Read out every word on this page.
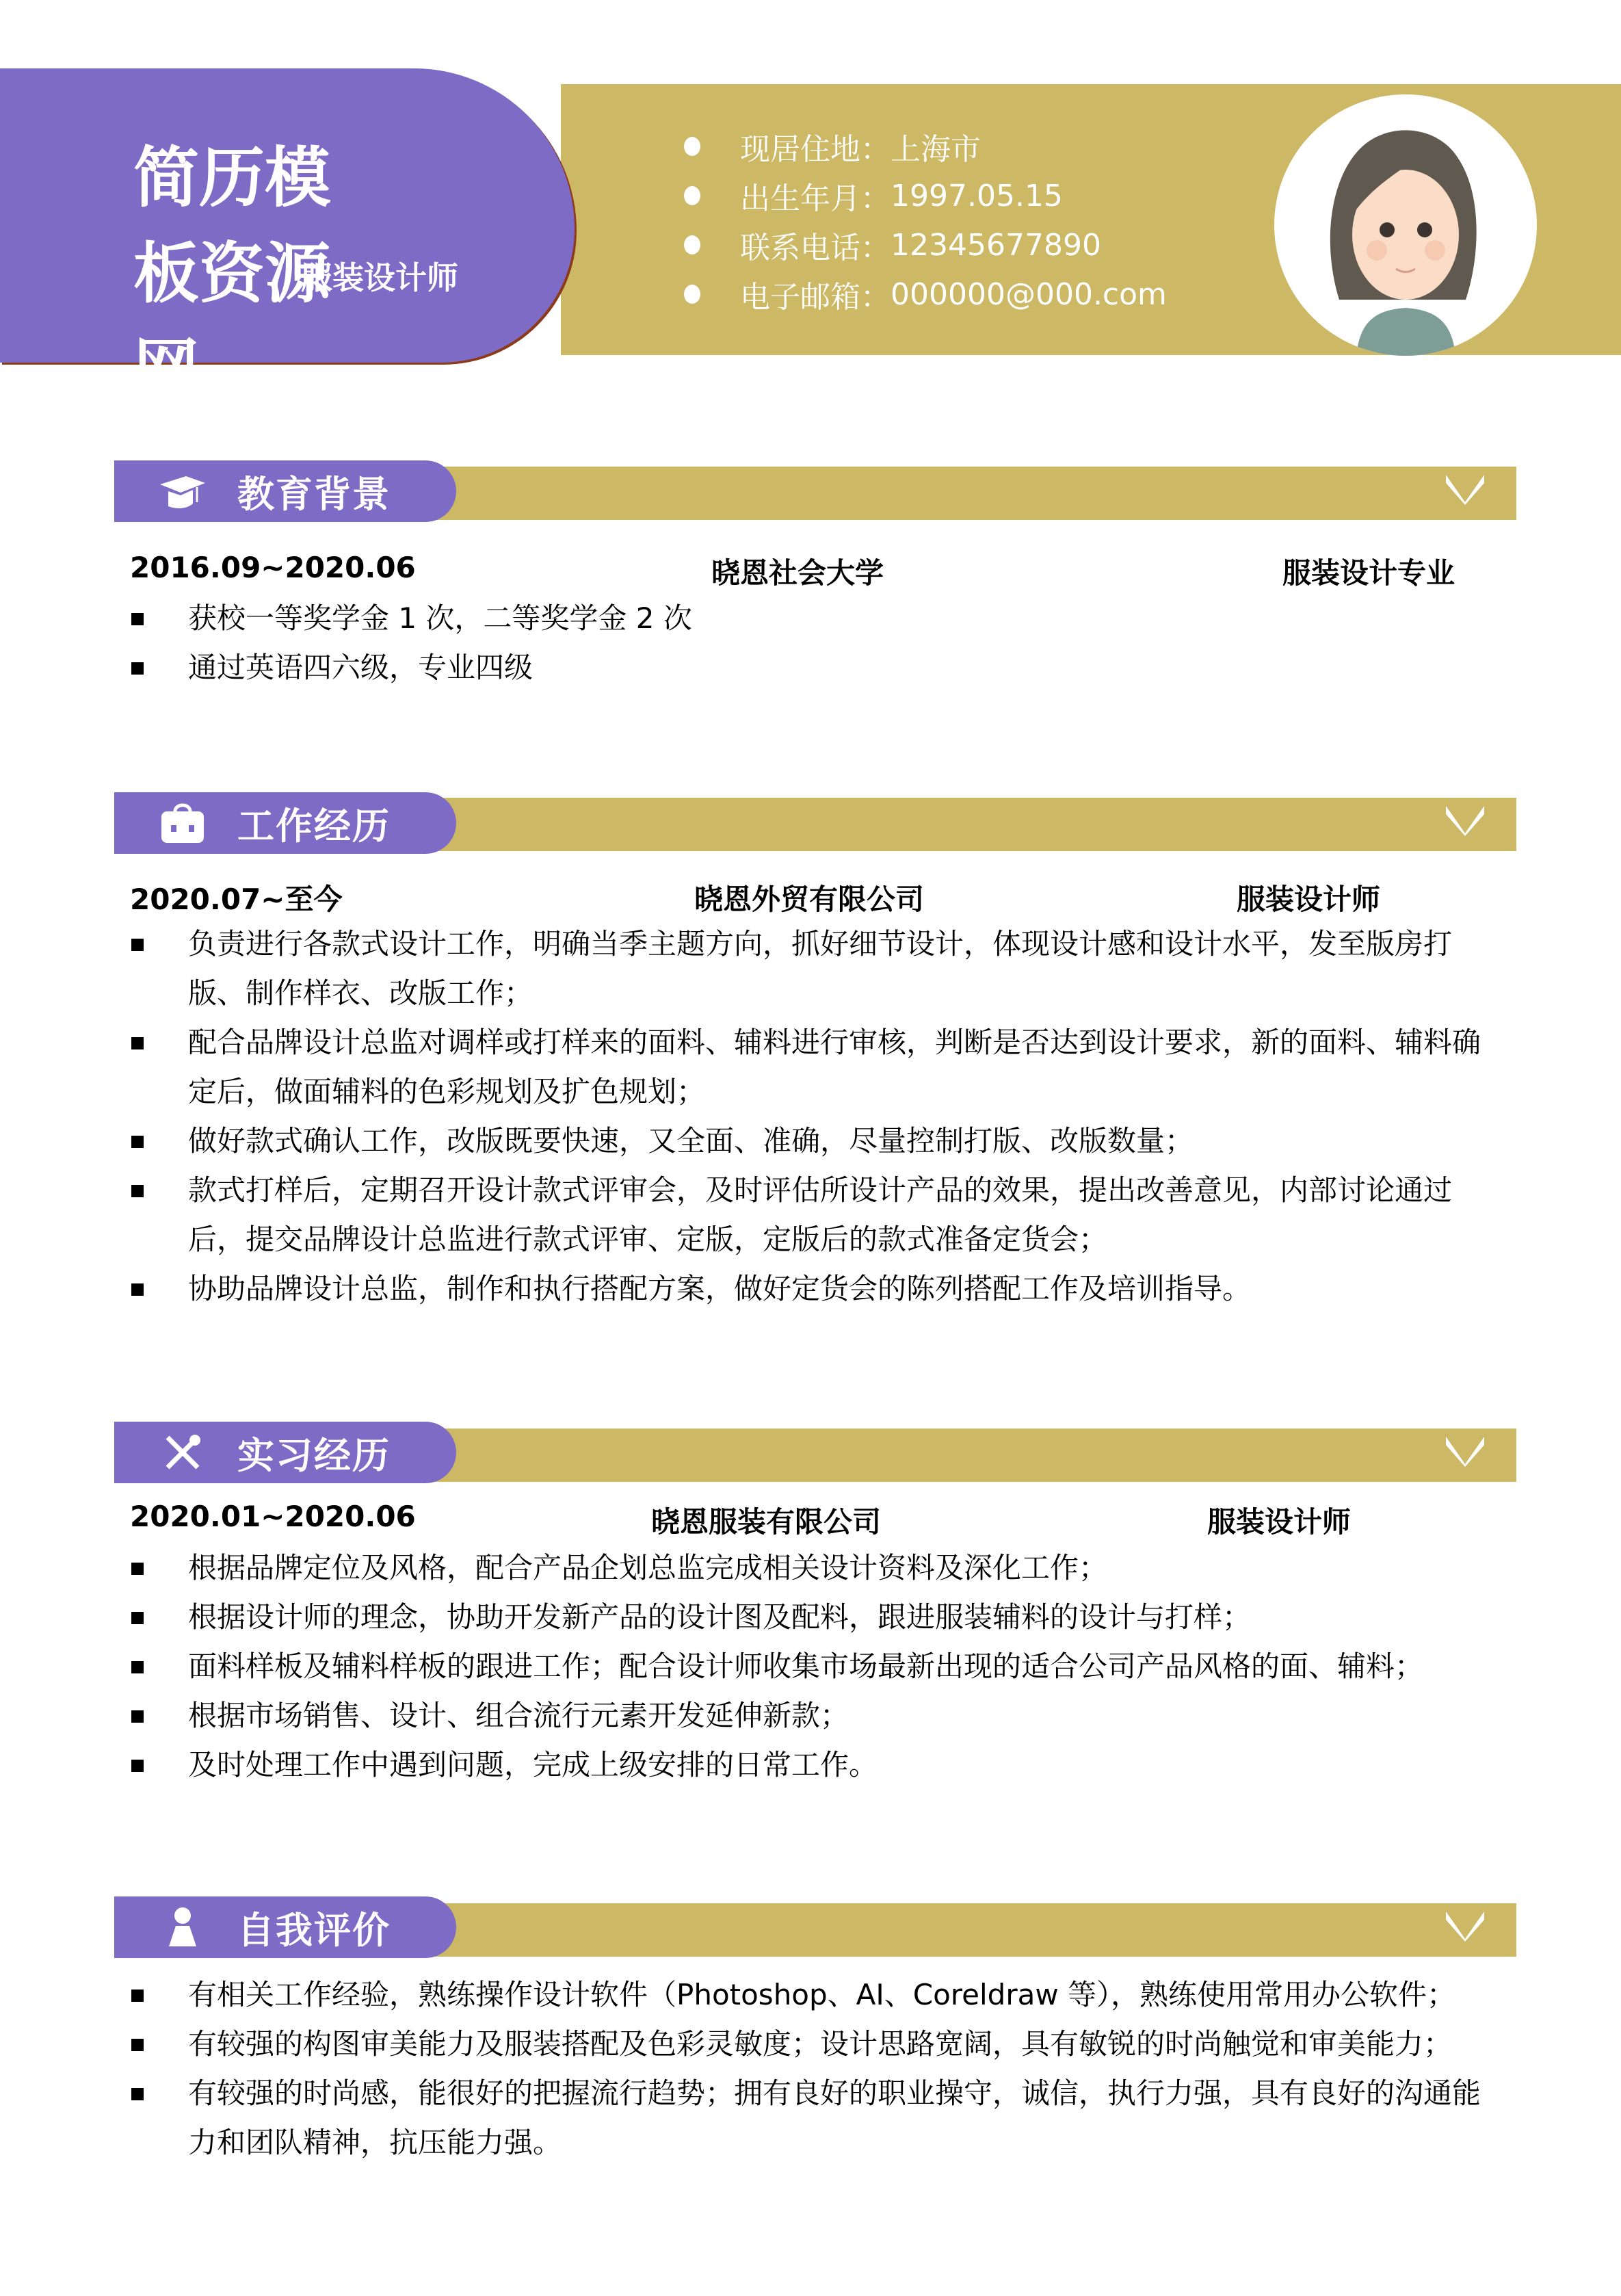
简历模板资源网
服装设计师
现居住地： 上海市
出生年月： 1997.05.15
联系电话： 12345677890
电子邮箱： 000000@000.com
教育背景
2016.09~2020.06	晓恩社会大学	服装设计专业
获校一等奖学金 1 次，二等奖学金 2 次
通过英语四六级，专业四级
工作经历
2020.07~至今	晓恩外贸有限公司	服装设计师
负责进行各款式设计工作，明确当季主题方向，抓好细节设计，体现设计感和设计水平，发至版房打版、制作样衣、改版工作；
配合品牌设计总监对调样或打样来的面料、辅料进行审核，判断是否达到设计要求，新的面料、辅料确定后，做面辅料的色彩规划及扩色规划；
做好款式确认工作，改版既要快速，又全面、准确，尽量控制打版、改版数量；
款式打样后，定期召开设计款式评审会，及时评估所设计产品的效果，提出改善意见，内部讨论通过后，提交品牌设计总监进行款式评审、定版，定版后的款式准备定货会；
协助品牌设计总监，制作和执行搭配方案，做好定货会的陈列搭配工作及培训指导。
实习经历
2020.01~2020.06	晓恩服装有限公司	服装设计师
根据品牌定位及风格，配合产品企划总监完成相关设计资料及深化工作；
根据设计师的理念，协助开发新产品的设计图及配料，跟进服装辅料的设计与打样；
面料样板及辅料样板的跟进工作；配合设计师收集市场最新出现的适合公司产品风格的面、辅料；
根据市场销售、设计、组合流行元素开发延伸新款；
及时处理工作中遇到问题，完成上级安排的日常工作。
自我评价
有相关工作经验，熟练操作设计软件（Photoshop、AI、Coreldraw 等），熟练使用常用办公软件；
有较强的构图审美能力及服装搭配及色彩灵敏度；设计思路宽阔，具有敏锐的时尚触觉和审美能力；
有较强的时尚感，能很好的把握流行趋势；拥有良好的职业操守，诚信，执行力强，具有良好的沟通能力和团队精神，抗压能力强。
